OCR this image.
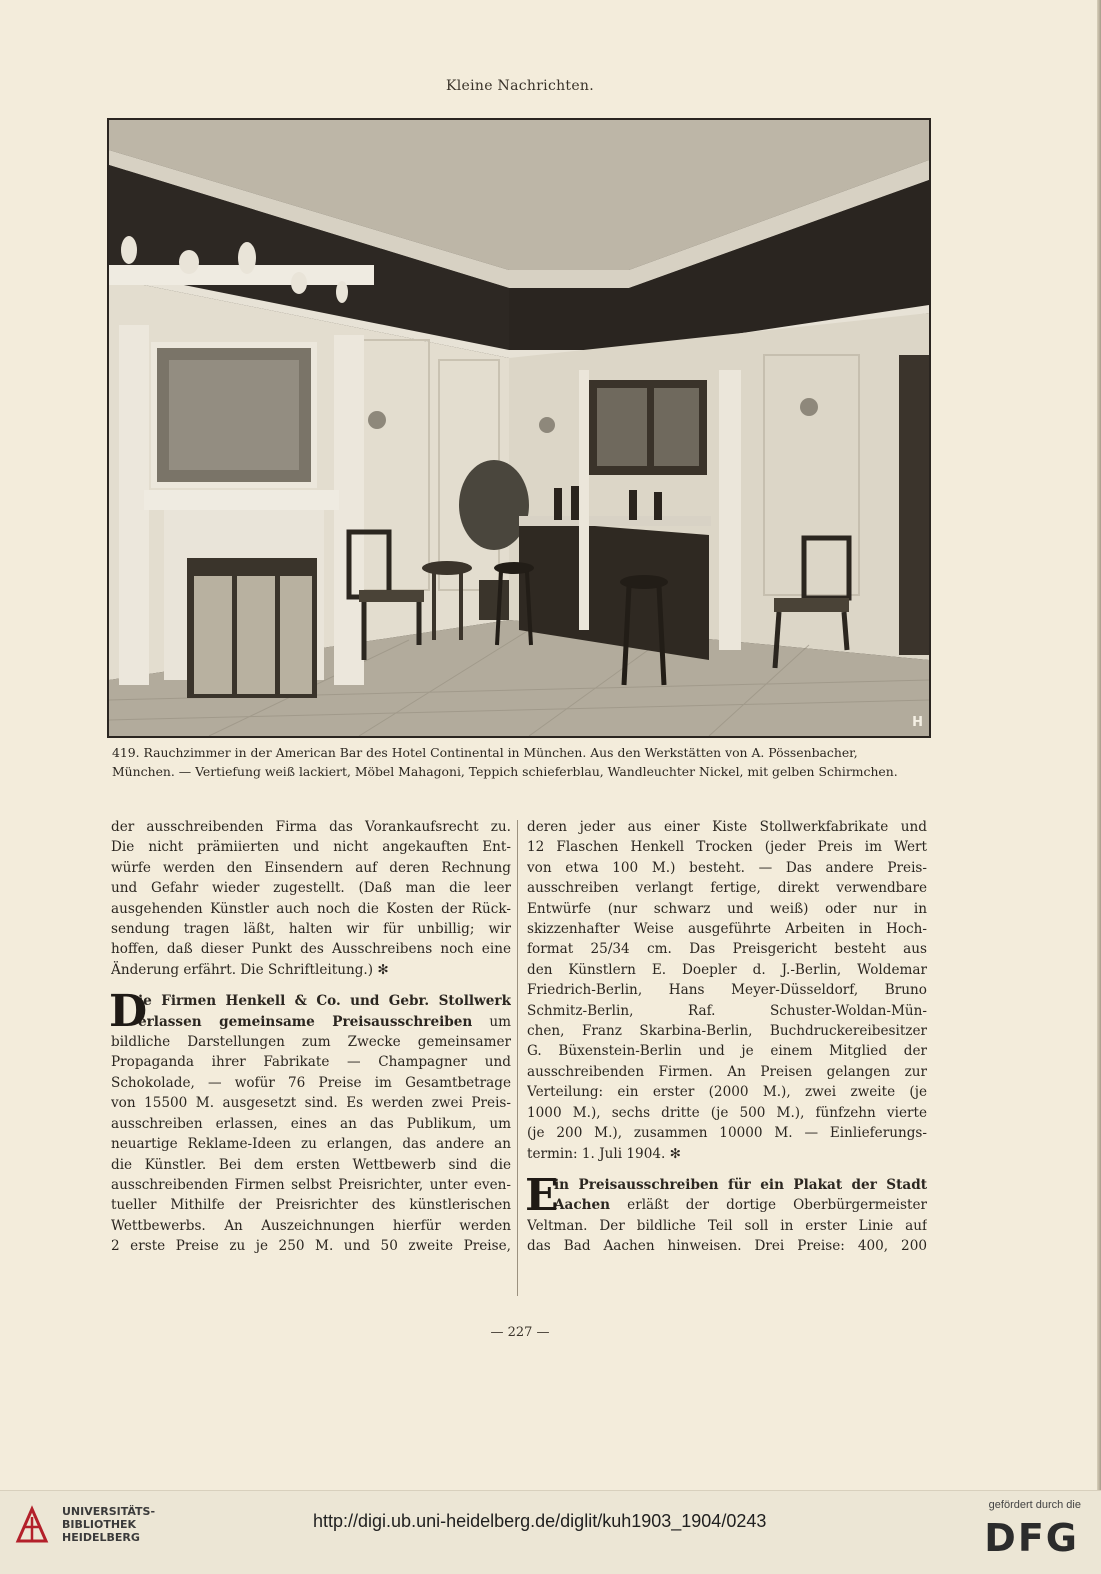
Kleine Nachrichten.
H
419. Rauchzimmer in der American Bar des Hotel Continental in München. Aus den Werkstätten von A. Pössenbacher,
München. — Vertiefung weiß lackiert, Möbel Mahagoni, Teppich schieferblau, Wandleuchter Nickel, mit gelben Schirmchen.
der ausschreibenden Firma das Vorankaufsrecht zu.
Die nicht prämiierten und nicht angekauften Ent-
würfe werden den Einsendern auf deren Rechnung
und Gefahr wieder zugestellt. (Daß man die leer
ausgehenden Künstler auch noch die Kosten der Rück-
sendung tragen läßt, halten wir für unbillig; wir
hoffen, daß dieser Punkt des Ausschreibens noch eine
Änderung erfährt. Die Schriftleitung.) ✻
D
ie Firmen Henkell & Co. und Gebr. Stollwerk
erlassen gemeinsame Preisausschreiben um
bildliche Darstellungen zum Zwecke gemeinsamer
Propaganda ihrer Fabrikate — Champagner und
Schokolade, — wofür 76 Preise im Gesamtbetrage
von 15500 M. ausgesetzt sind. Es werden zwei Preis-
ausschreiben erlassen, eines an das Publikum, um
neuartige Reklame-Ideen zu erlangen, das andere an
die Künstler. Bei dem ersten Wettbewerb sind die
ausschreibenden Firmen selbst Preisrichter, unter even-
tueller Mithilfe der Preisrichter des künstlerischen
Wettbewerbs. An Auszeichnungen hierfür werden
2 erste Preise zu je 250 M. und 50 zweite Preise,
deren jeder aus einer Kiste Stollwerkfabrikate und
12 Flaschen Henkell Trocken (jeder Preis im Wert
von etwa 100 M.) besteht. — Das andere Preis-
ausschreiben verlangt fertige, direkt verwendbare
Entwürfe (nur schwarz und weiß) oder nur in
skizzenhafter Weise ausgeführte Arbeiten in Hoch-
format 25/34 cm. Das Preisgericht besteht aus
den Künstlern E. Doepler d. J.-Berlin, Woldemar
Friedrich-Berlin, Hans Meyer-Düsseldorf, Bruno
Schmitz-Berlin, Raf. Schuster-Woldan-Mün-
chen, Franz Skarbina-Berlin, Buchdruckereibesitzer
G. Büxenstein-Berlin und je einem Mitglied der
ausschreibenden Firmen. An Preisen gelangen zur
Verteilung: ein erster (2000 M.), zwei zweite (je
1000 M.), sechs dritte (je 500 M.), fünfzehn vierte
(je 200 M.), zusammen 10000 M. — Einlieferungs-
termin: 1. Juli 1904. ✻
E
in Preisausschreiben für ein Plakat der Stadt
Aachen erläßt der dortige Oberbürgermeister
Veltman. Der bildliche Teil soll in erster Linie auf
das Bad Aachen hinweisen. Drei Preise: 400, 200
— 227 —
UNIVERSITÄTS-
BIBLIOTHEK
HEIDELBERG
http://digi.ub.uni-heidelberg.de/diglit/kuh1903_1904/0243
gefördert durch die
DFG
